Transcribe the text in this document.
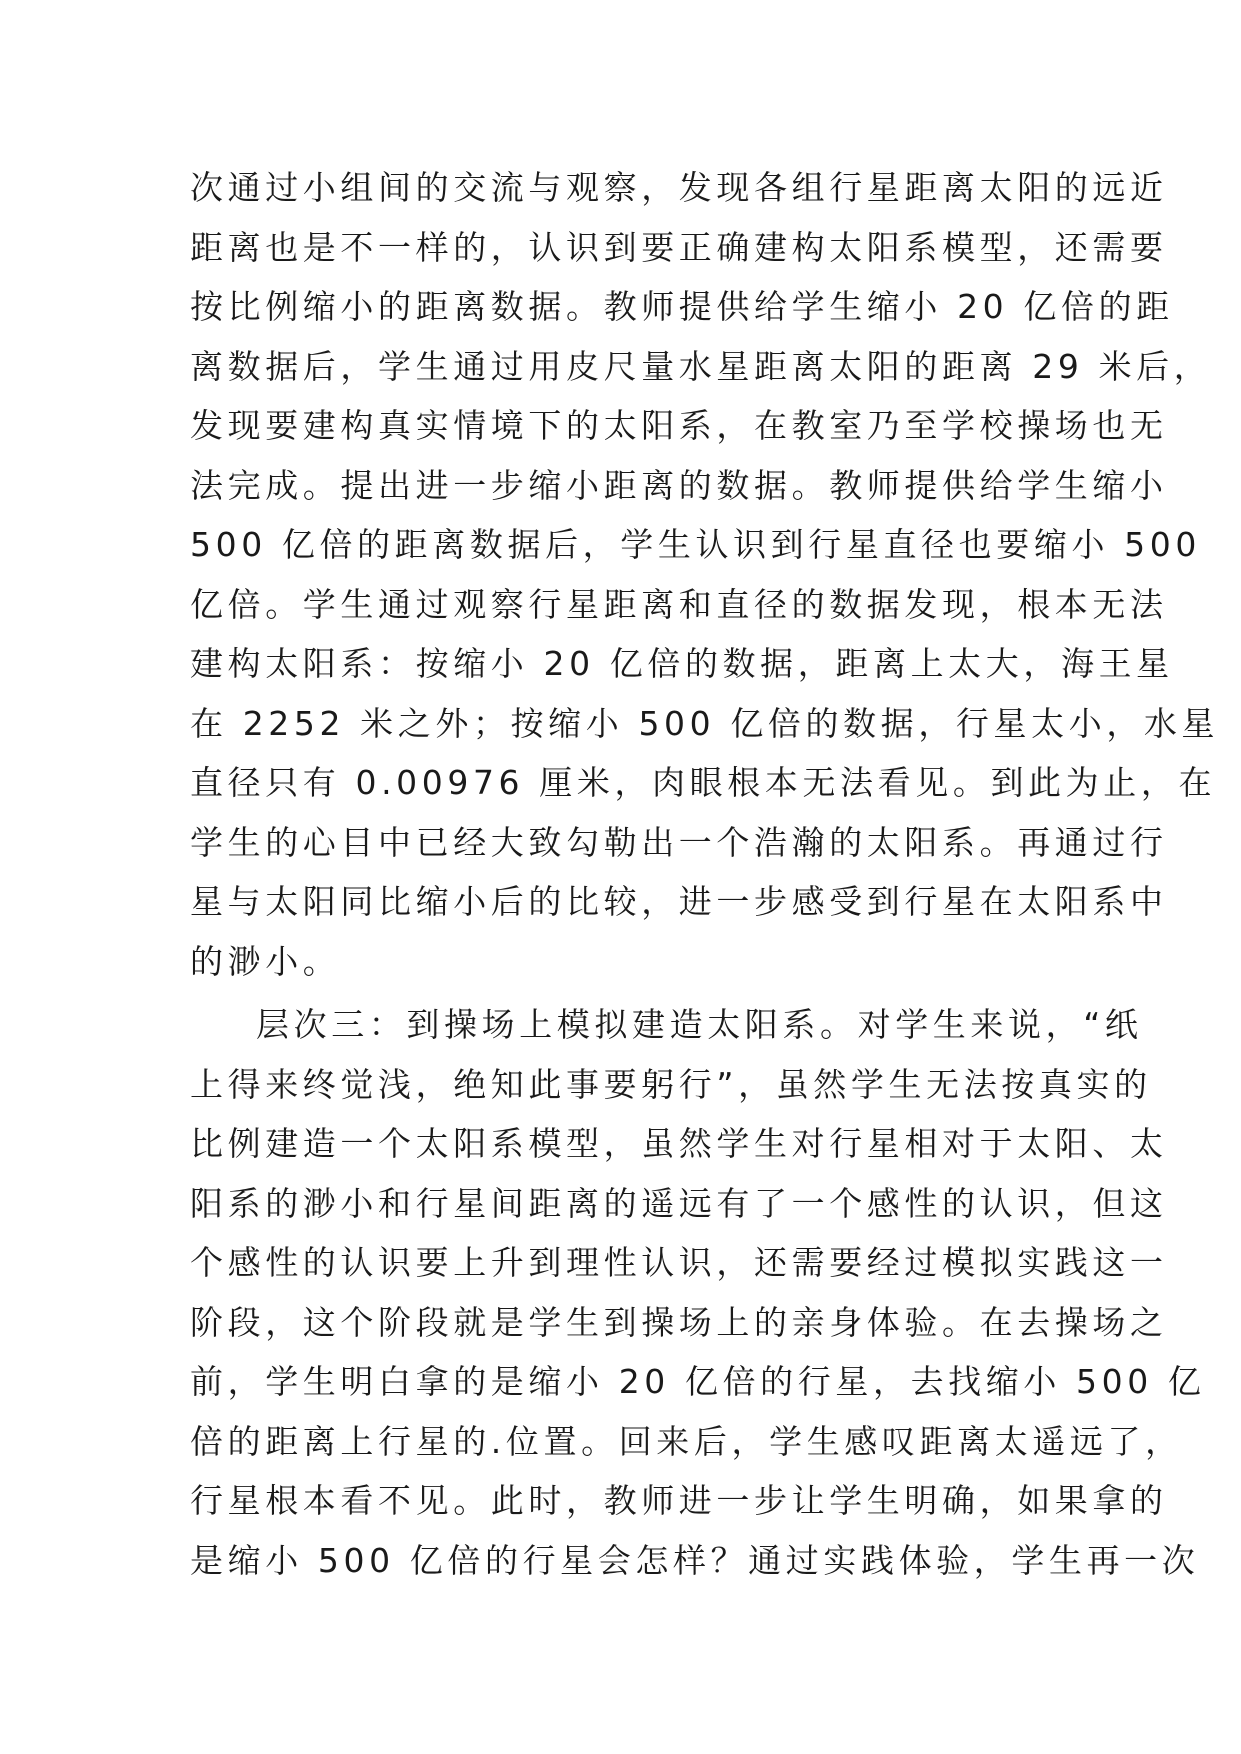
次通过小组间的交流与观察，发现各组行星距离太阳的远近
距离也是不一样的，认识到要正确建构太阳系模型，还需要
按比例缩小的距离数据。教师提供给学生缩小 20 亿倍的距
离数据后，学生通过用皮尺量水星距离太阳的距离 29 米后，
发现要建构真实情境下的太阳系，在教室乃至学校操场也无
法完成。提出进一步缩小距离的数据。教师提供给学生缩小
500 亿倍的距离数据后，学生认识到行星直径也要缩小 500
亿倍。学生通过观察行星距离和直径的数据发现，根本无法
建构太阳系：按缩小 20 亿倍的数据，距离上太大，海王星
在 2252 米之外；按缩小 500 亿倍的数据，行星太小，水星
直径只有 0.00976 厘米，肉眼根本无法看见。到此为止，在
学生的心目中已经大致勾勒出一个浩瀚的太阳系。再通过行
星与太阳同比缩小后的比较，进一步感受到行星在太阳系中
的渺小。
层次三：到操场上模拟建造太阳系。对学生来说，“纸
上得来终觉浅，绝知此事要躬行”，虽然学生无法按真实的
比例建造一个太阳系模型，虽然学生对行星相对于太阳、太
阳系的渺小和行星间距离的遥远有了一个感性的认识，但这
个感性的认识要上升到理性认识，还需要经过模拟实践这一
阶段，这个阶段就是学生到操场上的亲身体验。在去操场之
前，学生明白拿的是缩小 20 亿倍的行星，去找缩小 500 亿
倍的距离上行星的.位置。回来后，学生感叹距离太遥远了，
行星根本看不见。此时，教师进一步让学生明确，如果拿的
是缩小 500 亿倍的行星会怎样？通过实践体验，学生再一次
